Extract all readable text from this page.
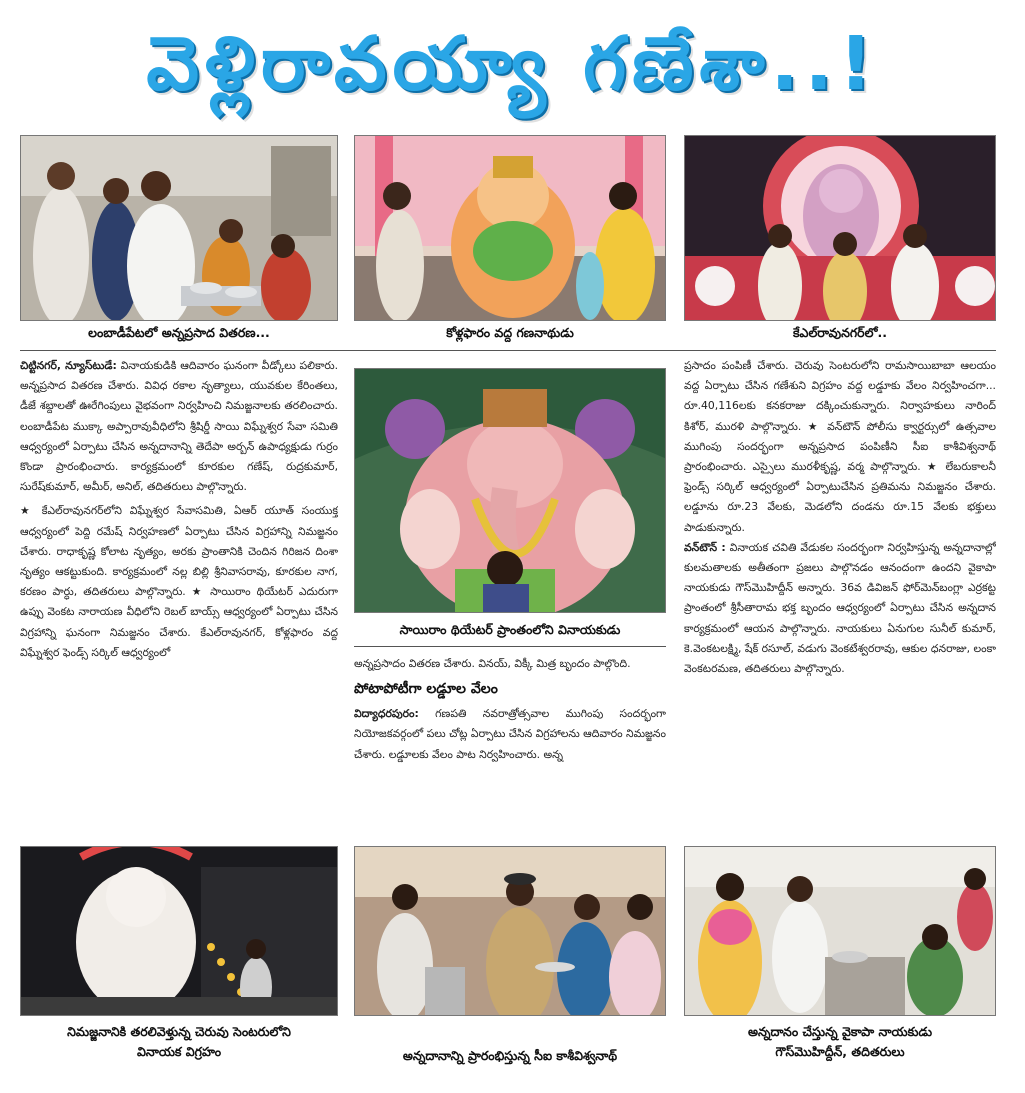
వెళ్లిరావయ్యా గణేశా..!
లంబాడీపేటలో అన్నప్రసాద వితరణ...	కోళ్లఫారం వద్ద గణనాథుడు	కేఎల్‌రావునగర్‌లో..

చిట్టినగర్‌, న్యూస్‌టుడే: వినాయకుడికి ఆదివారం ఘనంగా వీడ్కోలు పలికారు. అన్నప్రసాద వితరణ చేశారు. వివిధ రకాల నృత్యాలు, యువకుల కేరింతలు, డీజే శబ్దాలతో ఊరేగింపులు వైభవంగా నిర్వహించి నిమజ్జనాలకు తరలించారు. లంబాడీపేట ముక్కా అప్పారావువీధిలోని శ్రీషిర్డీ సాయి విఘ్నేశ్వర సేవా సమితి ఆధ్వర్యంలో ఏర్పాటు చేసిన అన్నదానాన్ని తెదేపా అర్బన్‌ ఉపాధ్యక్షుడు గుర్రం కొండా ప్రారంభించారు. కార్యక్రమంలో కూరకుల గణేష్‌, రుద్రకుమార్‌, సురేష్‌కుమార్‌, అమీర్‌, అనిల్‌, తదితరులు పాల్గొన్నారు.

★ కేఎల్‌రావునగర్‌లోని విఘ్నేశ్వర సేవాసమితి, ఏఆర్‌ యూత్‌ సంయుక్త ఆధ్వర్యంలో పెద్ది రమేష్‌ నిర్వహణలో ఏర్పాటు చేసిన విగ్రహాన్ని నిమజ్జనం చేశారు. రాధాకృష్ణ కోలాట నృత్యం, అరకు ప్రాంతానికి చెందిన గిరిజన దింశా నృత్యం ఆకట్టుకుంది. కార్యక్రమంలో నల్ల బిల్లి శ్రీనివాసరావు, కూరకుల నాగ, కరణం పార్ధు, తదితరులు పాల్గొన్నారు. ★ సాయిరాం థియేటర్‌ ఎదురుగా ఉప్పు వెంకట నారాయణ వీధిలోని రెబల్‌ బాయ్స్‌ ఆధ్వర్యంలో ఏర్పాటు చేసిన విగ్రహాన్ని ఘనంగా నిమజ్జనం చేశారు. కేఎల్‌రావునగర్‌, కోళ్లఫారం వద్ద విఘ్నేశ్వర ఫెండ్స్‌ సర్కిల్‌ ఆధ్వర్యంలో

సాయిరాం థియేటర్‌ ప్రాంతంలోని వినాయకుడు

అన్నప్రసాదం వితరణ చేశారు. వినయ్‌, విక్కీ మిత్ర బృందం పాల్గొంది.

పోటాపోటీగా లడ్డూల వేలం

విద్యాధరపురం: గణపతి నవరాత్రోత్సవాల ముగింపు సందర్భంగా నియోజకవర్గంలో పలు చోట్ల ఏర్పాటు చేసిన విగ్రహాలను ఆదివారం నిమజ్జనం చేశారు. లడ్డూలకు వేలం పాట నిర్వహించారు. అన్న

ప్రసాదం పంపిణీ చేశారు. చెరువు సెంటరులోని రామసాయిబాబా ఆలయం వద్ద ఏర్పాటు చేసిన గణేశుని విగ్రహం వద్ద లడ్డూకు వేలం నిర్వహించగా... రూ.40,116లకు కనకరాజు దక్కించుకున్నారు. నిర్వాహకులు నారింద్ కిశోర్‌, మురళి పాల్గొన్నారు. ★ వన్‌టౌన్‌ పోలీసు క్వార్టర్సులో ఉత్సవాల ముగింపు సందర్భంగా అన్నప్రసాద పంపిణీని సీఐ కాశీవిశ్వనాథ్‌ ప్రారంభించారు. ఎస్సైలు మురళీకృష్ణ, వర్మ పాల్గొన్నారు. ★ లేబరుకాలనీ ఫ్రెండ్స్‌ సర్కిల్‌ ఆధ్వర్యంలో ఏర్పాటుచేసిన ప్రతిమను నిమజ్జనం చేశారు. లడ్డూను రూ.23 వేలకు, మెడలోని దండను రూ.15 వేలకు భక్తులు పాడుకున్నారు.

వన్‌టౌన్‌ : వినాయక చవితి వేడుకల సందర్భంగా నిర్వహిస్తున్న అన్నదానాల్లో కులమతాలకు అతీతంగా ప్రజలు పాల్గొనడం ఆనందంగా ఉందని వైకాపా నాయకుడు గౌస్‌మొహిద్దీన్‌ అన్నారు. 36వ డివిజన్‌ ఫోర్‌మెన్‌బంగ్లా ఎర్రకట్ట ప్రాంతంలో శ్రీసీతారామ భక్త బృందం ఆధ్వర్యంలో ఏర్పాటు చేసిన అన్నదాన కార్యక్రమంలో ఆయన పాల్గొన్నారు. నాయకులు ఏనుగుల సునీల్‌ కుమార్‌, కె.వెంకటలక్ష్మి, షేక్‌ రసూల్‌, వడుగు వెంకటేశ్వరరావు, ఆకుల ధనరాజు, లంకా వెంకటరమణ, తదితరులు పాల్గొన్నారు.

నిమజ్జనానికి తరలివెళ్తున్న చెరువు సెంటరులోని
వినాయక విగ్రహం	అన్నదానాన్ని ప్రారంభిస్తున్న సీఐ కాశీవిశ్వనాథ్
అన్నదానం చేస్తున్న వైకాపా నాయకుడు
గౌస్‌మొహిద్దీన్‌, తదితరులు
